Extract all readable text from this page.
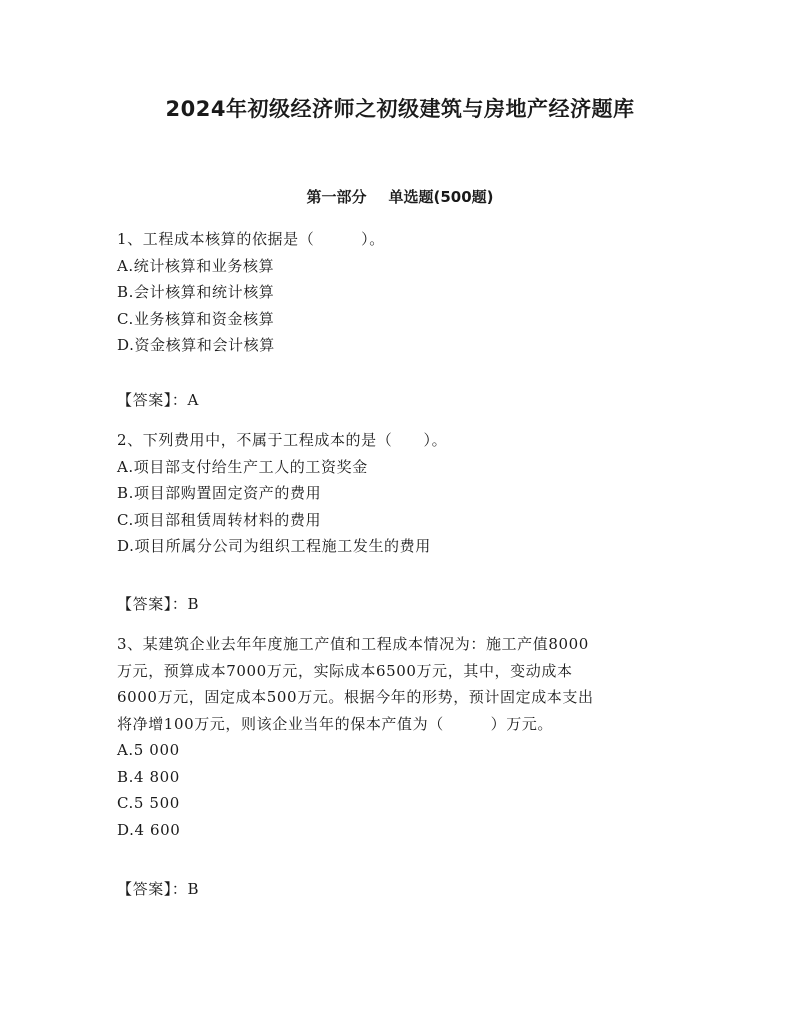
2024年初级经济师之初级建筑与房地产经济题库
第一部分 单选题(500题)

1、工程成本核算的依据是（　　　）。

A.统计核算和业务核算

B.会计核算和统计核算

C.业务核算和资金核算

D.资金核算和会计核算

【答案】：A

2、下列费用中，不属于工程成本的是（　　）。

A.项目部支付给生产工人的工资奖金

B.项目部购置固定资产的费用

C.项目部租赁周转材料的费用

D.项目所属分公司为组织工程施工发生的费用

【答案】：B

3、某建筑企业去年年度施工产值和工程成本情况为：施工产值8000

万元，预算成本7000万元，实际成本6500万元，其中，变动成本

6000万元，固定成本500万元。根据今年的形势，预计固定成本支出

将净增100万元，则该企业当年的保本产值为（　　　）万元。

A.5 000

B.4 800

C.5 500

D.4 600

【答案】：B
